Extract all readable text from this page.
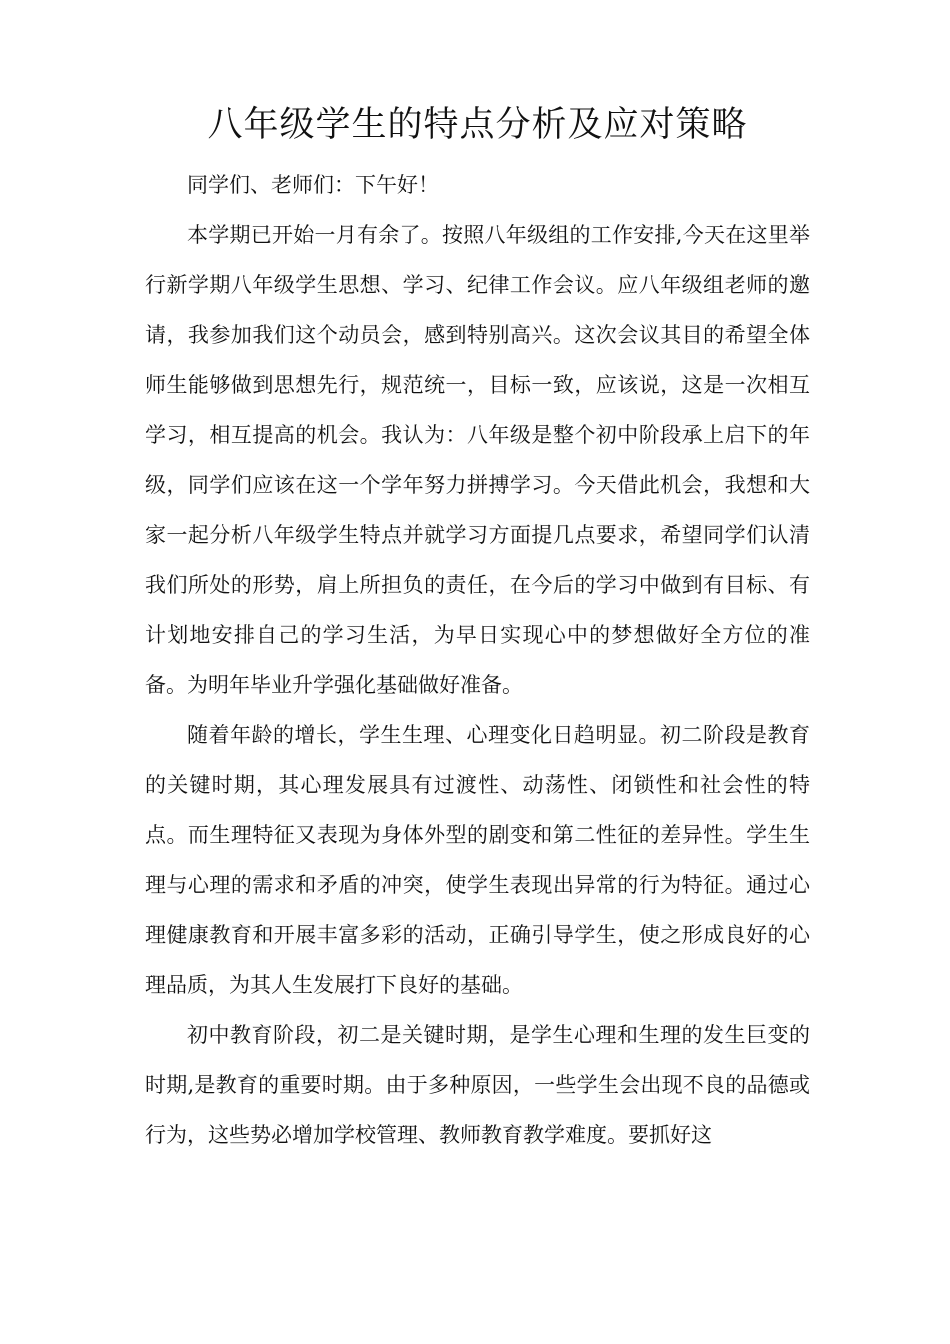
八年级学生的特点分析及应对策略

同学们、老师们：下午好！

本学期已开始一月有余了。按照八年级组的工作安排,今天在这里举行新学期八年级学生思想、学习、纪律工作会议。应八年级组老师的邀请，我参加我们这个动员会，感到特别高兴。这次会议其目的希望全体师生能够做到思想先行，规范统一，目标一致，应该说，这是一次相互学习，相互提高的机会。我认为：八年级是整个初中阶段承上启下的年级，同学们应该在这一个学年努力拼搏学习。今天借此机会，我想和大家一起分析八年级学生特点并就学习方面提几点要求，希望同学们认清我们所处的形势，肩上所担负的责任，在今后的学习中做到有目标、有计划地安排自己的学习生活，为早日实现心中的梦想做好全方位的准备。为明年毕业升学强化基础做好准备。

随着年龄的增长，学生生理、心理变化日趋明显。初二阶段是教育的关键时期，其心理发展具有过渡性、动荡性、闭锁性和社会性的特点。而生理特征又表现为身体外型的剧变和第二性征的差异性。学生生理与心理的需求和矛盾的冲突，使学生表现出异常的行为特征。通过心理健康教育和开展丰富多彩的活动，正确引导学生，使之形成良好的心理品质，为其人生发展打下良好的基础。

初中教育阶段，初二是关键时期，是学生心理和生理的发生巨变的时期,是教育的重要时期。由于多种原因，一些学生会出现不良的品德或行为，这些势必增加学校管理、教师教育教学难度。要抓好这
